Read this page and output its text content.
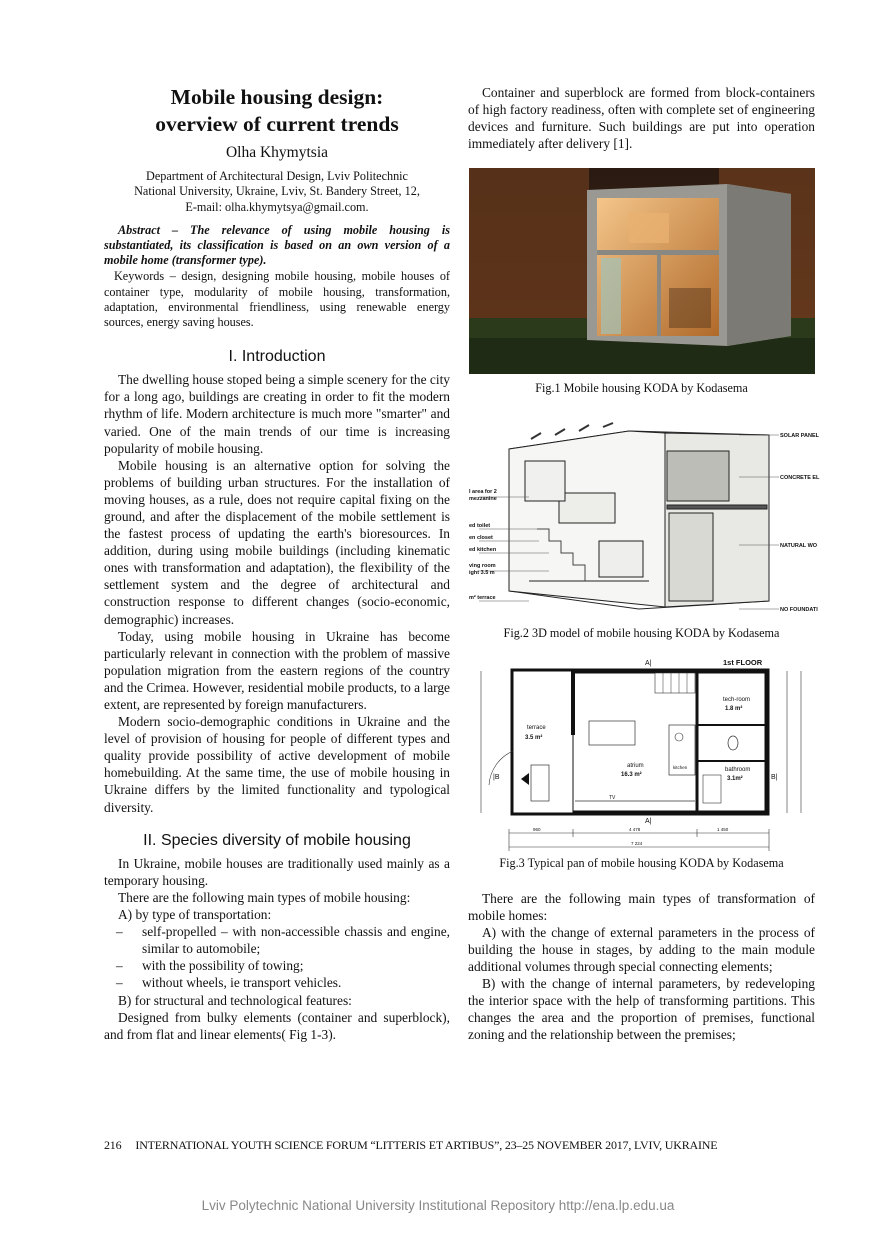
Mobile housing design:
overview of current trends
Olha Khymytsia
Department of Architectural Design, Lviv Politechnic
National University, Ukraine, Lviv, St. Bandery Street, 12,
E-mail: olha.khymytsya@gmail.com.

Abstract – The relevance of using mobile housing is substantiated, its classification is based on an own version of a mobile home (transformer type).

Keywords – design, designing mobile housing, mobile houses of container type, modularity of mobile housing, transformation, adaptation, environmental friendliness, using renewable energy sources, energy saving houses.

I. Introduction

The dwelling house stoped being a simple scenery for the city for a long ago, buildings are creating in order to fit the modern rhythm of life. Modern architecture is much more "smarter" and varied. One of the main trends of our time is increasing popularity of mobile housing.

Mobile housing is an alternative option for solving the problems of building urban structures. For the installation of moving houses, as a rule, does not require capital fixing on the ground, and after the displacement of the mobile settlement is the fastest process of updating the earth's bioresources. In addition, during using mobile buildings (including kinematic ones with transformation and adaptation), the flexibility of the settlement system and the degree of architectural and construction response to different changes (socio-economic, demographic) increases.

Today, using mobile housing in Ukraine has become particularly relevant in connection with the problem of massive population migration from the eastern regions of the country and the Crimea. However, residential mobile products, to a large extent, are represented by foreign manufacturers.

Modern socio-demographic conditions in Ukraine and the level of provision of housing for people of different types and quality provide possibility of active development of mobile homebuilding. At the same time, the use of mobile housing in Ukraine differs by the limited functionality and typological diversity.

II. Species diversity of mobile housing

In Ukraine, mobile houses are traditionally used mainly as a temporary housing.

There are the following main types of mobile housing:

A) by type of transportation:

–	self-propelled – with non-accessible chassis and engine, similar to automobile;
–	with the possibility of towing;
–	without wheels, ie transport vehicles.

B) for structural and technological features:

Designed from bulky elements (container and superblock), and from flat and linear elements( Fig 1-3).

Container and superblock are formed from block-containers of high factory readiness, often with complete set of engineering devices and furniture. Such buildings are put into operation immediately after delivery [1].

Fig.1 Mobile housing KODA by Kodasema
SOLAR PANEL
CONCRETE EL
NATURAL WO
NO FOUNDATI
l area for 2
mezzanine
ed toilet
en closet
ed kitchen
ving room
ight 3.5 m
m² terrace
Fig.2 3D model of mobile housing KODA by Kodasema
1st FLOOR
A|
A|
|B	B|
terrace
3.5 m²
atrium
16.3 m²
bathroom
3.1m²
tech-room
1.8 m²
kitchen
TV
960	4 478	1 450
7 224
Fig.3 Typical pan of mobile housing KODA by Kodasema

There are the following main types of transformation of mobile homes:

A) with the change of external parameters in the process of building the house in stages, by adding to the main module additional volumes through special connecting elements;

B) with the change of internal parameters, by redeveloping the interior space with the help of transforming partitions. This changes the area and the proportion of premises, functional zoning and the relationship between the premises;

216 INTERNATIONAL YOUTH SCIENCE FORUM “LITTERIS ET ARTIBUS”, 23–25 NOVEMBER 2017, LVIV, UKRAINE
Lviv Polytechnic National University Institutional Repository http://ena.lp.edu.ua
